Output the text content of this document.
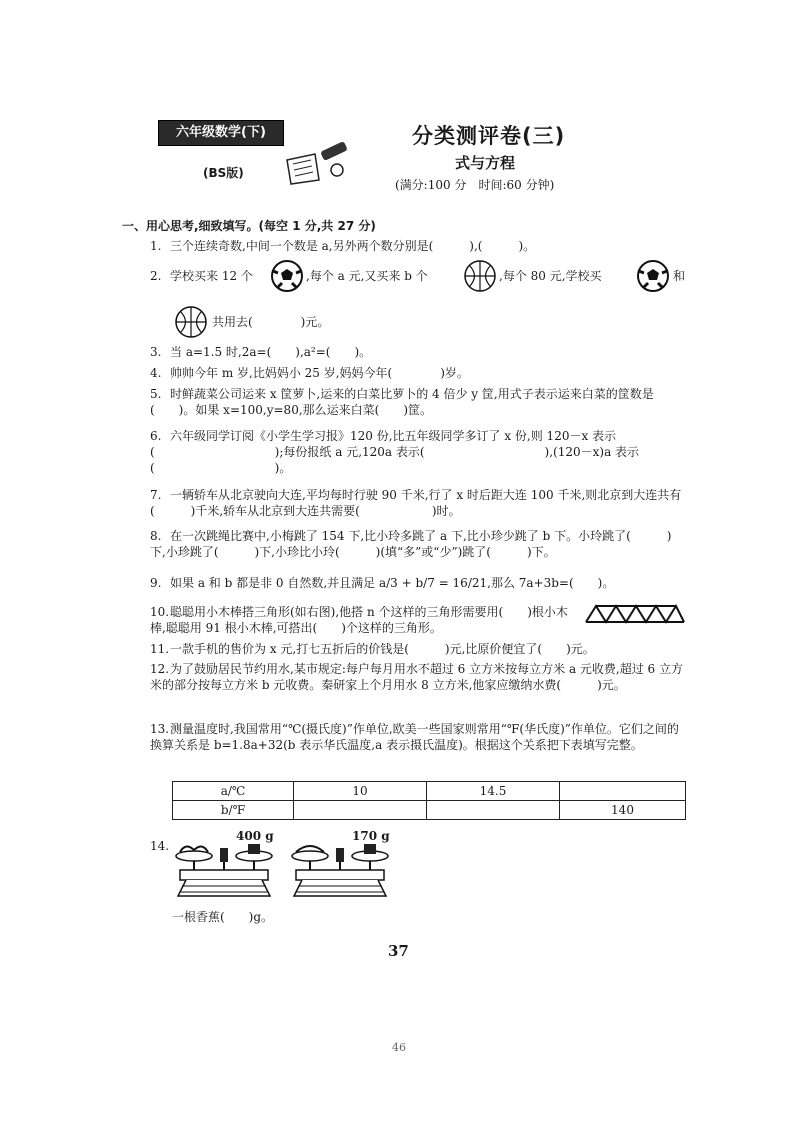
六年级数学(下)
(BS版)
分类测评卷(三)
式与方程
(满分:100 分　时间:60 分钟)
一、用心思考,细致填写。(每空 1 分,共 27 分)
1. 三个连续奇数,中间一个数是 a,另外两个数分别是(　　　),(　　　)。
2. 学校买来 12 个	,每个 a 元,又买来 b 个	,每个 80 元,学校买	和
共用去(　　　　)元。
3. 当 a=1.5 时,2a=(　　),a²=(　　)。
4. 帅帅今年 m 岁,比妈妈小 25 岁,妈妈今年(　　　　)岁。
5. 时鲜蔬菜公司运来 x 筐萝卜,运来的白菜比萝卜的 4 倍少 y 筐,用式子表示运来白菜的筐数是(　　)。如果 x=100,y=80,那么运来白菜(　　)筐。
6. 六年级同学订阅《小学生学习报》120 份,比五年级同学多订了 x 份,则 120－x 表示(　　　　　　　　　　);每份报纸 a 元,120a 表示(　　　　　　　　　　),(120－x)a 表示(　　　　　　　　　　)。
7. 一辆轿车从北京驶向大连,平均每时行驶 90 千米,行了 x 时后距大连 100 千米,则北京到大连共有(　　　)千米,轿车从北京到大连共需要(　　　　　　)时。
8. 在一次跳绳比赛中,小梅跳了 154 下,比小玲多跳了 a 下,比小珍少跳了 b 下。小玲跳了(　　　)下,小珍跳了(　　　)下,小珍比小玲(　　　)(填“多”或“少”)跳了(　　　)下。
9. 如果 a 和 b 都是非 0 自然数,并且满足 a/3 + b/7 = 16/21,那么 7a+3b=(　　)。
10.聪聪用小木棒搭三角形(如右图),他搭 n 个这样的三角形需要用(　　)根小木棒,聪聪用 91 根小木棒,可搭出(　　)个这样的三角形。
11.一款手机的售价为 x 元,打七五折后的价钱是(　　　)元,比原价便宜了(　　)元。
12.为了鼓励居民节约用水,某市规定:每户每月用水不超过 6 立方米按每立方米 a 元收费,超过 6 立方米的部分按每立方米 b 元收费。秦研家上个月用水 8 立方米,他家应缴纳水费(　　　)元。
13.测量温度时,我国常用“℃(摄氏度)”作单位,欧美一些国家则常用“℉(华氏度)”作单位。它们之间的换算关系是 b=1.8a+32(b 表示华氏温度,a 表示摄氏温度)。根据这个关系把下表填写完整。
a/℃	10	14.5	
b/℉			140
14.
400 g	170 g
一根香蕉(　　)g。
37
46
